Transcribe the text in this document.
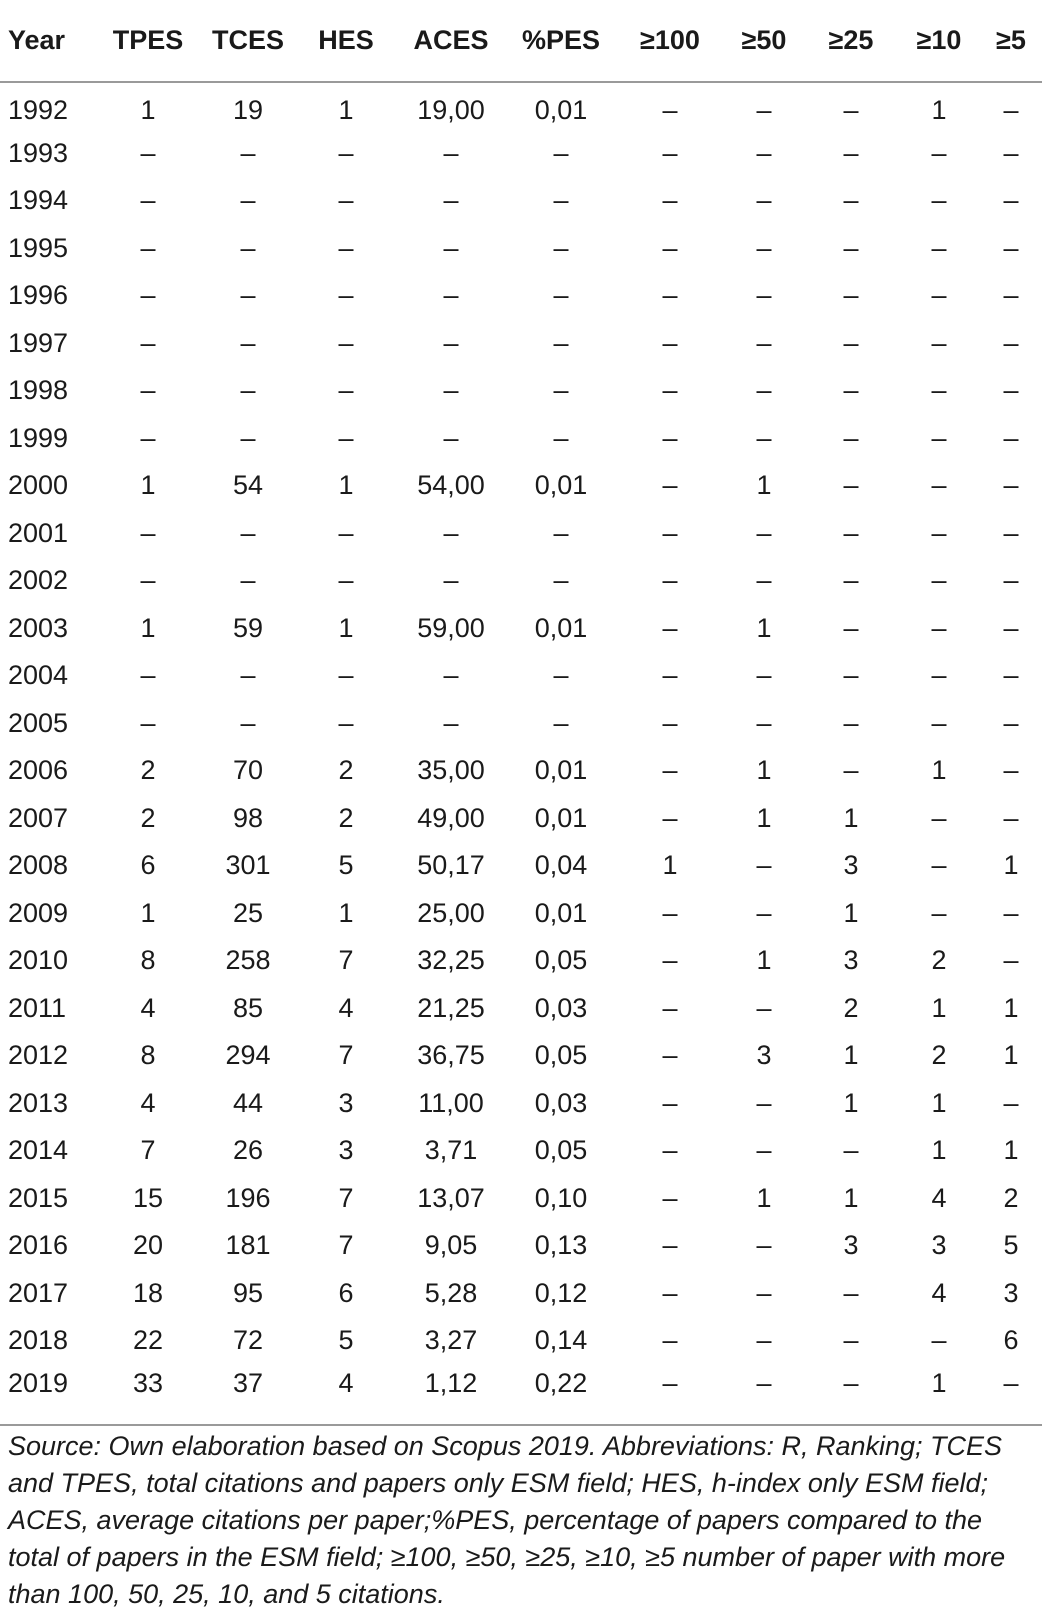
Year	TPES	TCES	HES	ACES	%PES	≥100	≥50	≥25	≥10	≥5
1992	1	19	1	19,00	0,01	–	–	–	1	–
1993	–	–	–	–	–	–	–	–	–	–
1994	–	–	–	–	–	–	–	–	–	–
1995	–	–	–	–	–	–	–	–	–	–
1996	–	–	–	–	–	–	–	–	–	–
1997	–	–	–	–	–	–	–	–	–	–
1998	–	–	–	–	–	–	–	–	–	–
1999	–	–	–	–	–	–	–	–	–	–
2000	1	54	1	54,00	0,01	–	1	–	–	–
2001	–	–	–	–	–	–	–	–	–	–
2002	–	–	–	–	–	–	–	–	–	–
2003	1	59	1	59,00	0,01	–	1	–	–	–
2004	–	–	–	–	–	–	–	–	–	–
2005	–	–	–	–	–	–	–	–	–	–
2006	2	70	2	35,00	0,01	–	1	–	1	–
2007	2	98	2	49,00	0,01	–	1	1	–	–
2008	6	301	5	50,17	0,04	1	–	3	–	1
2009	1	25	1	25,00	0,01	–	–	1	–	–
2010	8	258	7	32,25	0,05	–	1	3	2	–
2011	4	85	4	21,25	0,03	–	–	2	1	1
2012	8	294	7	36,75	0,05	–	3	1	2	1
2013	4	44	3	11,00	0,03	–	–	1	1	–
2014	7	26	3	3,71	0,05	–	–	–	1	1
2015	15	196	7	13,07	0,10	–	1	1	4	2
2016	20	181	7	9,05	0,13	–	–	3	3	5
2017	18	95	6	5,28	0,12	–	–	–	4	3
2018	22	72	5	3,27	0,14	–	–	–	–	6
2019	33	37	4	1,12	0,22	–	–	–	1	–
Source: Own elaboration based on Scopus 2019. Abbreviations: R, Ranking; TCES and TPES, total citations and papers only ESM field; HES, h-index only ESM field; ACES, average citations per paper;%PES, percentage of papers compared to the total of papers in the ESM field; ≥100, ≥50, ≥25, ≥10, ≥5 number of paper with more than 100, 50, 25, 10, and 5 citations.
